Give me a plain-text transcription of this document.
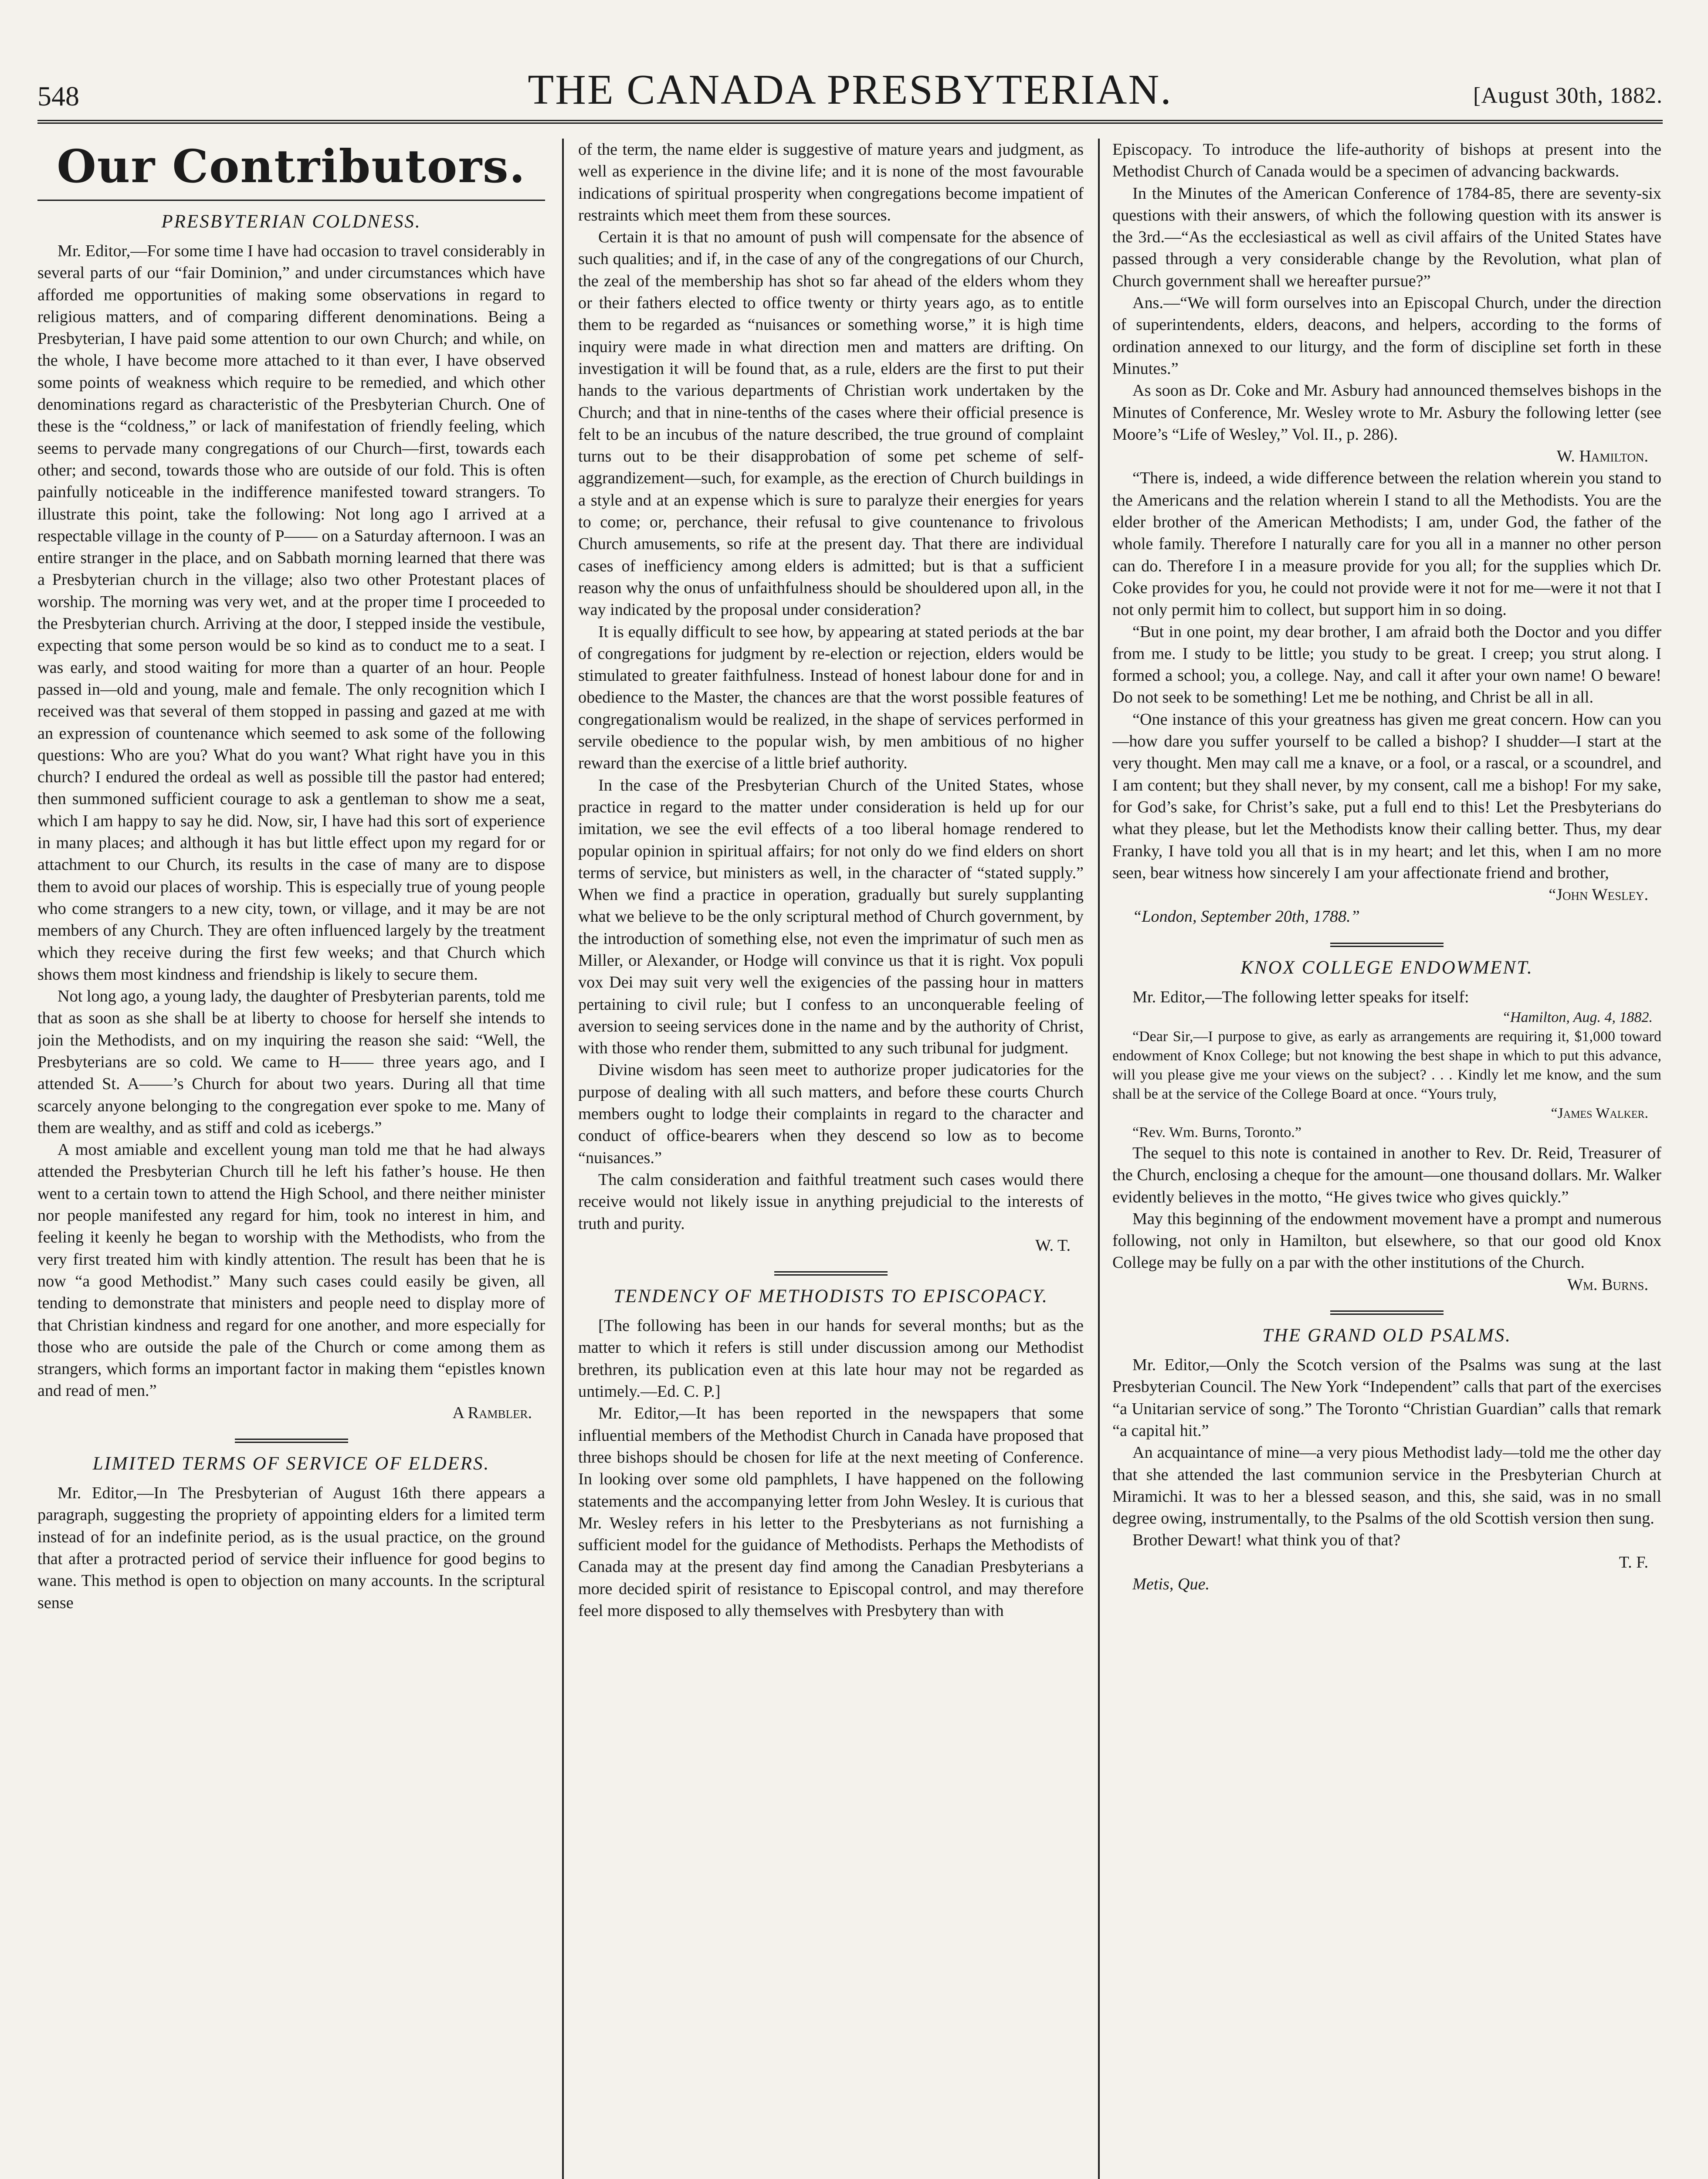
548	THE CANADA PRESBYTERIAN.	[August 30th, 1882.
Our Contributors.
PRESBYTERIAN COLDNESS.

Mr. Editor,—For some time I have had occasion to travel considerably in several parts of our “fair Dominion,” and under circumstances which have afforded me opportunities of making some observations in regard to religious matters, and of comparing different denominations. Being a Presbyterian, I have paid some attention to our own Church; and while, on the whole, I have become more attached to it than ever, I have observed some points of weakness which require to be remedied, and which other denominations regard as characteristic of the Presbyterian Church. One of these is the “coldness,” or lack of manifestation of friendly feeling, which seems to pervade many congregations of our Church—first, towards each other; and second, towards those who are outside of our fold. This is often painfully noticeable in the indifference manifested toward strangers. To illustrate this point, take the following: Not long ago I arrived at a respectable village in the county of P—— on a Saturday afternoon. I was an entire stranger in the place, and on Sabbath morning learned that there was a Presbyterian church in the village; also two other Protestant places of worship. The morning was very wet, and at the proper time I proceeded to the Presbyterian church. Arriving at the door, I stepped inside the vestibule, expecting that some person would be so kind as to conduct me to a seat. I was early, and stood waiting for more than a quarter of an hour. People passed in—old and young, male and female. The only recognition which I received was that several of them stopped in passing and gazed at me with an expression of countenance which seemed to ask some of the following questions: Who are you? What do you want? What right have you in this church? I endured the ordeal as well as possible till the pastor had entered; then summoned sufficient courage to ask a gentleman to show me a seat, which I am happy to say he did. Now, sir, I have had this sort of experience in many places; and although it has but little effect upon my regard for or attachment to our Church, its results in the case of many are to dispose them to avoid our places of worship. This is especially true of young people who come strangers to a new city, town, or village, and it may be are not members of any Church. They are often influenced largely by the treatment which they receive during the first few weeks; and that Church which shows them most kindness and friendship is likely to secure them.

Not long ago, a young lady, the daughter of Presbyterian parents, told me that as soon as she shall be at liberty to choose for herself she intends to join the Methodists, and on my inquiring the reason she said: “Well, the Presbyterians are so cold. We came to H—— three years ago, and I attended St. A——’s Church for about two years. During all that time scarcely anyone belonging to the congregation ever spoke to me. Many of them are wealthy, and as stiff and cold as icebergs.”

A most amiable and excellent young man told me that he had always attended the Presbyterian Church till he left his father’s house. He then went to a certain town to attend the High School, and there neither minister nor people manifested any regard for him, took no interest in him, and feeling it keenly he began to worship with the Methodists, who from the very first treated him with kindly attention. The result has been that he is now “a good Methodist.” Many such cases could easily be given, all tending to demonstrate that ministers and people need to display more of that Christian kindness and regard for one another, and more especially for those who are outside the pale of the Church or come among them as strangers, which forms an important factor in making them “epistles known and read of men.”

A Rambler.
LIMITED TERMS OF SERVICE OF ELDERS.

Mr. Editor,—In The Presbyterian of August 16th there appears a paragraph, suggesting the propriety of appointing elders for a limited term instead of for an indefinite period, as is the usual practice, on the ground that after a protracted period of service their influence for good begins to wane. This method is open to objection on many accounts. In the scriptural sense

of the term, the name elder is suggestive of mature years and judgment, as well as experience in the divine life; and it is none of the most favourable indications of spiritual prosperity when congregations become impatient of restraints which meet them from these sources.

Certain it is that no amount of push will compensate for the absence of such qualities; and if, in the case of any of the congregations of our Church, the zeal of the membership has shot so far ahead of the elders whom they or their fathers elected to office twenty or thirty years ago, as to entitle them to be regarded as “nuisances or something worse,” it is high time inquiry were made in what direction men and matters are drifting. On investigation it will be found that, as a rule, elders are the first to put their hands to the various departments of Christian work undertaken by the Church; and that in nine-tenths of the cases where their official presence is felt to be an incubus of the nature described, the true ground of complaint turns out to be their disapprobation of some pet scheme of self-aggrandizement—such, for example, as the erection of Church buildings in a style and at an expense which is sure to paralyze their energies for years to come; or, perchance, their refusal to give countenance to frivolous Church amusements, so rife at the present day. That there are individual cases of inefficiency among elders is admitted; but is that a sufficient reason why the onus of unfaithfulness should be shouldered upon all, in the way indicated by the proposal under consideration?

It is equally difficult to see how, by appearing at stated periods at the bar of congregations for judgment by re-election or rejection, elders would be stimulated to greater faithfulness. Instead of honest labour done for and in obedience to the Master, the chances are that the worst possible features of congregationalism would be realized, in the shape of services performed in servile obedience to the popular wish, by men ambitious of no higher reward than the exercise of a little brief authority.

In the case of the Presbyterian Church of the United States, whose practice in regard to the matter under consideration is held up for our imitation, we see the evil effects of a too liberal homage rendered to popular opinion in spiritual affairs; for not only do we find elders on short terms of service, but ministers as well, in the character of “stated supply.” When we find a practice in operation, gradually but surely supplanting what we believe to be the only scriptural method of Church government, by the introduction of something else, not even the imprimatur of such men as Miller, or Alexander, or Hodge will convince us that it is right. Vox populi vox Dei may suit very well the exigencies of the passing hour in matters pertaining to civil rule; but I confess to an unconquerable feeling of aversion to seeing services done in the name and by the authority of Christ, with those who render them, submitted to any such tribunal for judgment.

Divine wisdom has seen meet to authorize proper judicatories for the purpose of dealing with all such matters, and before these courts Church members ought to lodge their complaints in regard to the character and conduct of office-bearers when they descend so low as to become “nuisances.”

The calm consideration and faithful treatment such cases would there receive would not likely issue in anything prejudicial to the interests of truth and purity.

W. T.
TENDENCY OF METHODISTS TO EPISCOPACY.

[The following has been in our hands for several months; but as the matter to which it refers is still under discussion among our Methodist brethren, its publication even at this late hour may not be regarded as untimely.—Ed. C. P.]

Mr. Editor,—It has been reported in the newspapers that some influential members of the Methodist Church in Canada have proposed that three bishops should be chosen for life at the next meeting of Conference. In looking over some old pamphlets, I have happened on the following statements and the accompanying letter from John Wesley. It is curious that Mr. Wesley refers in his letter to the Presbyterians as not furnishing a sufficient model for the guidance of Methodists. Perhaps the Methodists of Canada may at the present day find among the Canadian Presbyterians a more decided spirit of resistance to Episcopal control, and may therefore feel more disposed to ally themselves with Presbytery than with

Episcopacy. To introduce the life-authority of bishops at present into the Methodist Church of Canada would be a specimen of advancing backwards.

In the Minutes of the American Conference of 1784-85, there are seventy-six questions with their answers, of which the following question with its answer is the 3rd.—“As the ecclesiastical as well as civil affairs of the United States have passed through a very considerable change by the Revolution, what plan of Church government shall we hereafter pursue?”

Ans.—“We will form ourselves into an Episcopal Church, under the direction of superintendents, elders, deacons, and helpers, according to the forms of ordination annexed to our liturgy, and the form of discipline set forth in these Minutes.”

As soon as Dr. Coke and Mr. Asbury had announced themselves bishops in the Minutes of Conference, Mr. Wesley wrote to Mr. Asbury the following letter (see Moore’s “Life of Wesley,” Vol. II., p. 286).

W. Hamilton.

“There is, indeed, a wide difference between the relation wherein you stand to the Americans and the relation wherein I stand to all the Methodists. You are the elder brother of the American Methodists; I am, under God, the father of the whole family. Therefore I naturally care for you all in a manner no other person can do. Therefore I in a measure provide for you all; for the supplies which Dr. Coke provides for you, he could not provide were it not for me—were it not that I not only permit him to collect, but support him in so doing.

“But in one point, my dear brother, I am afraid both the Doctor and you differ from me. I study to be little; you study to be great. I creep; you strut along. I formed a school; you, a college. Nay, and call it after your own name! O beware! Do not seek to be something! Let me be nothing, and Christ be all in all.

“One instance of this your greatness has given me great concern. How can you—how dare you suffer yourself to be called a bishop? I shudder—I start at the very thought. Men may call me a knave, or a fool, or a rascal, or a scoundrel, and I am content; but they shall never, by my consent, call me a bishop! For my sake, for God’s sake, for Christ’s sake, put a full end to this! Let the Presbyterians do what they please, but let the Methodists know their calling better. Thus, my dear Franky, I have told you all that is in my heart; and let this, when I am no more seen, bear witness how sincerely I am your affectionate friend and brother,

“John Wesley.

“London, September 20th, 1788.”

KNOX COLLEGE ENDOWMENT.

Mr. Editor,—The following letter speaks for itself:

“Hamilton, Aug. 4, 1882.

“Dear Sir,—I purpose to give, as early as arrangements are requiring it, $1,000 toward endowment of Knox College; but not knowing the best shape in which to put this advance, will you please give me your views on the subject? . . . Kindly let me know, and the sum shall be at the service of the College Board at once. “Yours truly,

“James Walker.

“Rev. Wm. Burns, Toronto.”

The sequel to this note is contained in another to Rev. Dr. Reid, Treasurer of the Church, enclosing a cheque for the amount—one thousand dollars. Mr. Walker evidently believes in the motto, “He gives twice who gives quickly.”

May this beginning of the endowment movement have a prompt and numerous following, not only in Hamilton, but elsewhere, so that our good old Knox College may be fully on a par with the other institutions of the Church.

Wm. Burns.
THE GRAND OLD PSALMS.

Mr. Editor,—Only the Scotch version of the Psalms was sung at the last Presbyterian Council. The New York “Independent” calls that part of the exercises “a Unitarian service of song.” The Toronto “Christian Guardian” calls that remark “a capital hit.”

An acquaintance of mine—a very pious Methodist lady—told me the other day that she attended the last communion service in the Presbyterian Church at Miramichi. It was to her a blessed season, and this, she said, was in no small degree owing, instrumentally, to the Psalms of the old Scottish version then sung.

Brother Dewart! what think you of that?

T. F.

Metis, Que.
